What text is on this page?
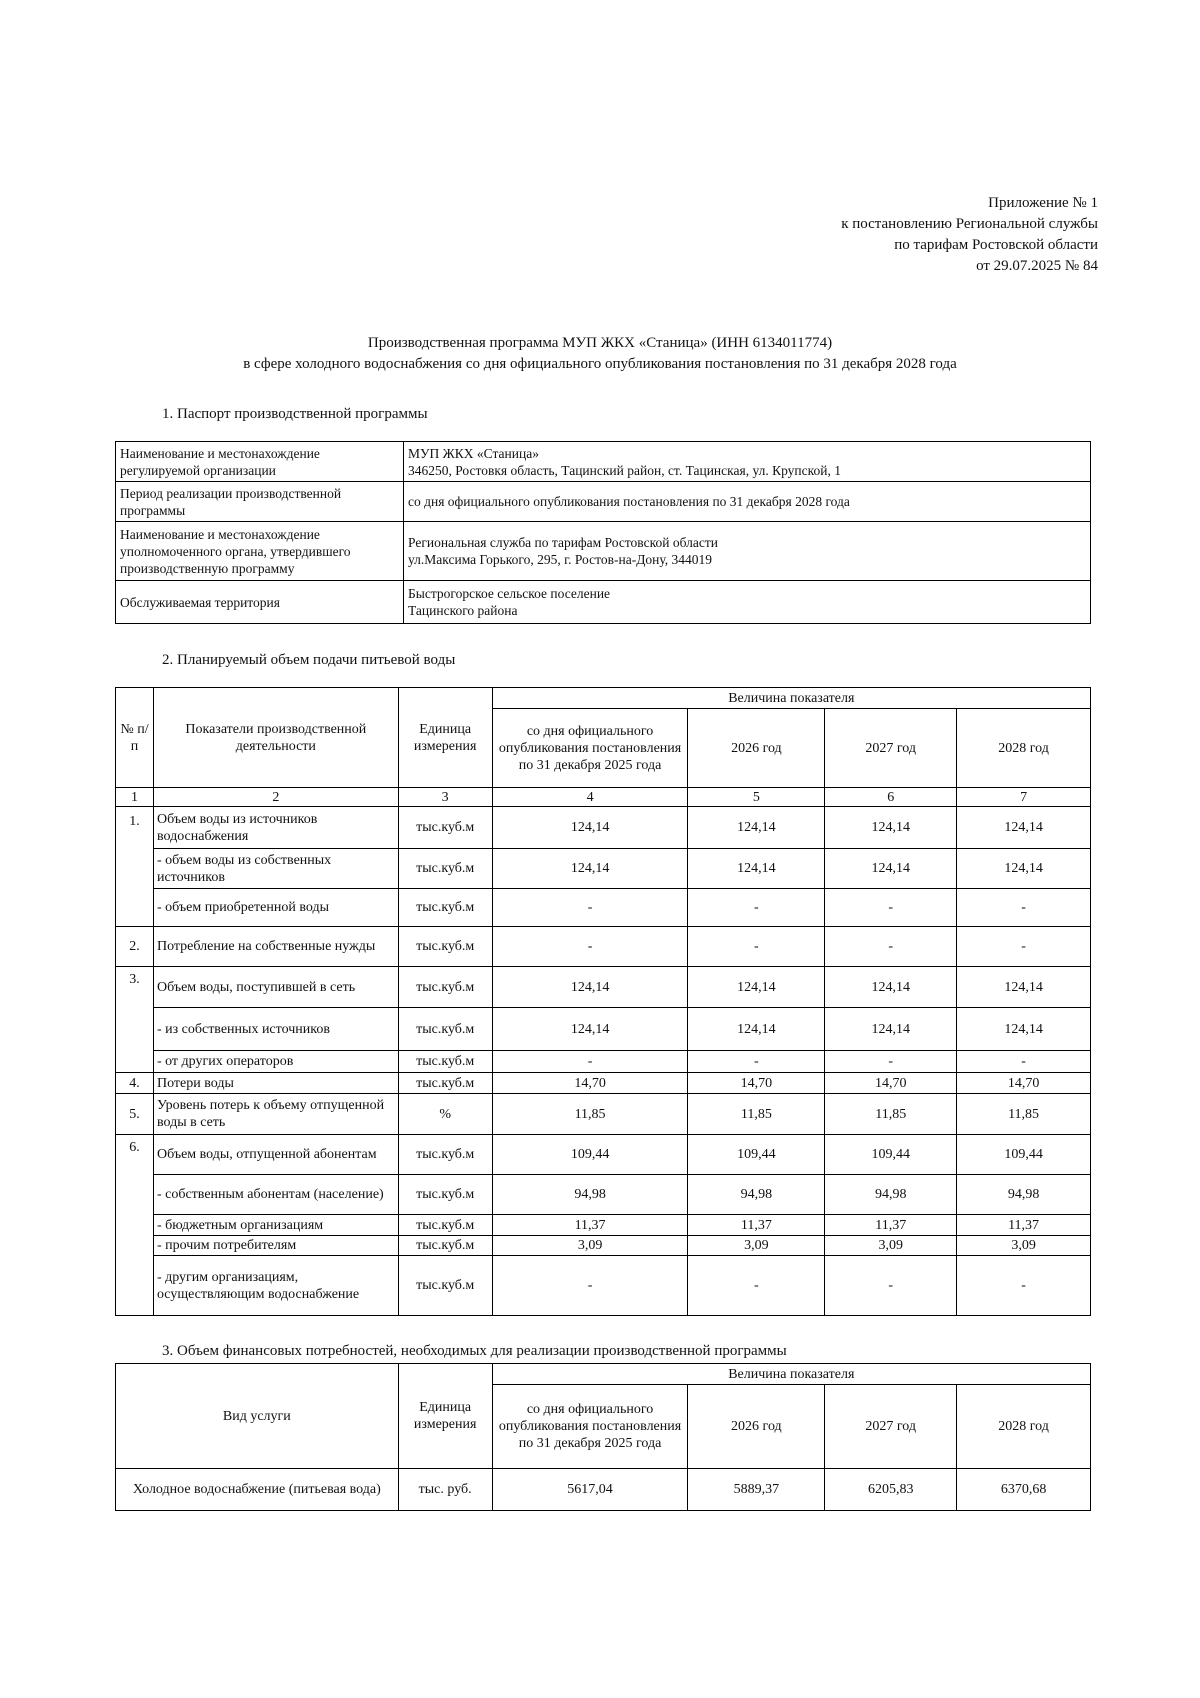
Приложение № 1
к постановлению Региональной службы
по тарифам Ростовской области
от 29.07.2025 № 84
Производственная программа МУП ЖКХ «Станица» (ИНН 6134011774)
в сфере холодного водоснабжения со дня официального опубликования постановления по 31 декабря 2028 года
1. Паспорт производственной программы
Наименование и местонахождение регулируемой организации	МУП ЖКХ «Станица»
346250, Ростовкя область, Тацинский район, ст. Тацинская, ул. Крупской, 1

Период реализации производственной программы	со дня официального опубликования постановления по 31 декабря 2028 года
Наименование и местонахождение уполномоченного органа, утвердившего производственную программу	Региональная служба по тарифам Ростовской области
ул.Максима Горького, 295, г. Ростов-на-Дону, 344019

Обслуживаемая территория	Быстрогорское сельское поселение
Тацинского района
2. Планируемый объем подачи питьевой воды
№ п/п	Показатели производственной деятельности	Единица измерения	Величина показателя			
			со дня официального опубликования постановления по 31 декабря 2025 года	2026 год	2027 год	2028 год
1	2	3	4	5	6	7
1.	Объем воды из источников водоснабжения	тыс.куб.м	124,14	124,14	124,14	124,14
	- объем воды из собственных источников	тыс.куб.м	124,14	124,14	124,14	124,14
	- объем приобретенной воды	тыс.куб.м	-	-	-	-
2.	Потребление на собственные нужды	тыс.куб.м	-	-	-	-
3.	Объем воды, поступившей в сеть	тыс.куб.м	124,14	124,14	124,14	124,14
	- из собственных источников	тыс.куб.м	124,14	124,14	124,14	124,14
	- от других операторов	тыс.куб.м	-	-	-	-
4.	Потери воды	тыс.куб.м	14,70	14,70	14,70	14,70
5.	Уровень потерь к объему отпущенной воды в сеть	%	11,85	11,85	11,85	11,85
6.	Объем воды, отпущенной абонентам	тыс.куб.м	109,44	109,44	109,44	109,44
	- собственным абонентам (население)	тыс.куб.м	94,98	94,98	94,98	94,98
	- бюджетным организациям	тыс.куб.м	11,37	11,37	11,37	11,37
	- прочим потребителям	тыс.куб.м	3,09	3,09	3,09	3,09
	- другим организациям, осуществляющим водоснабжение	тыс.куб.м	-	-	-	-
3. Объем финансовых потребностей, необходимых для реализации производственной программы
Вид услуги	Единица измерения	Величина показателя			
		со дня официального опубликования постановления по 31 декабря 2025 года	2026 год	2027 год	2028 год
Холодное водоснабжение (питьевая вода)	тыс. руб.	5617,04	5889,37	6205,83	6370,68
